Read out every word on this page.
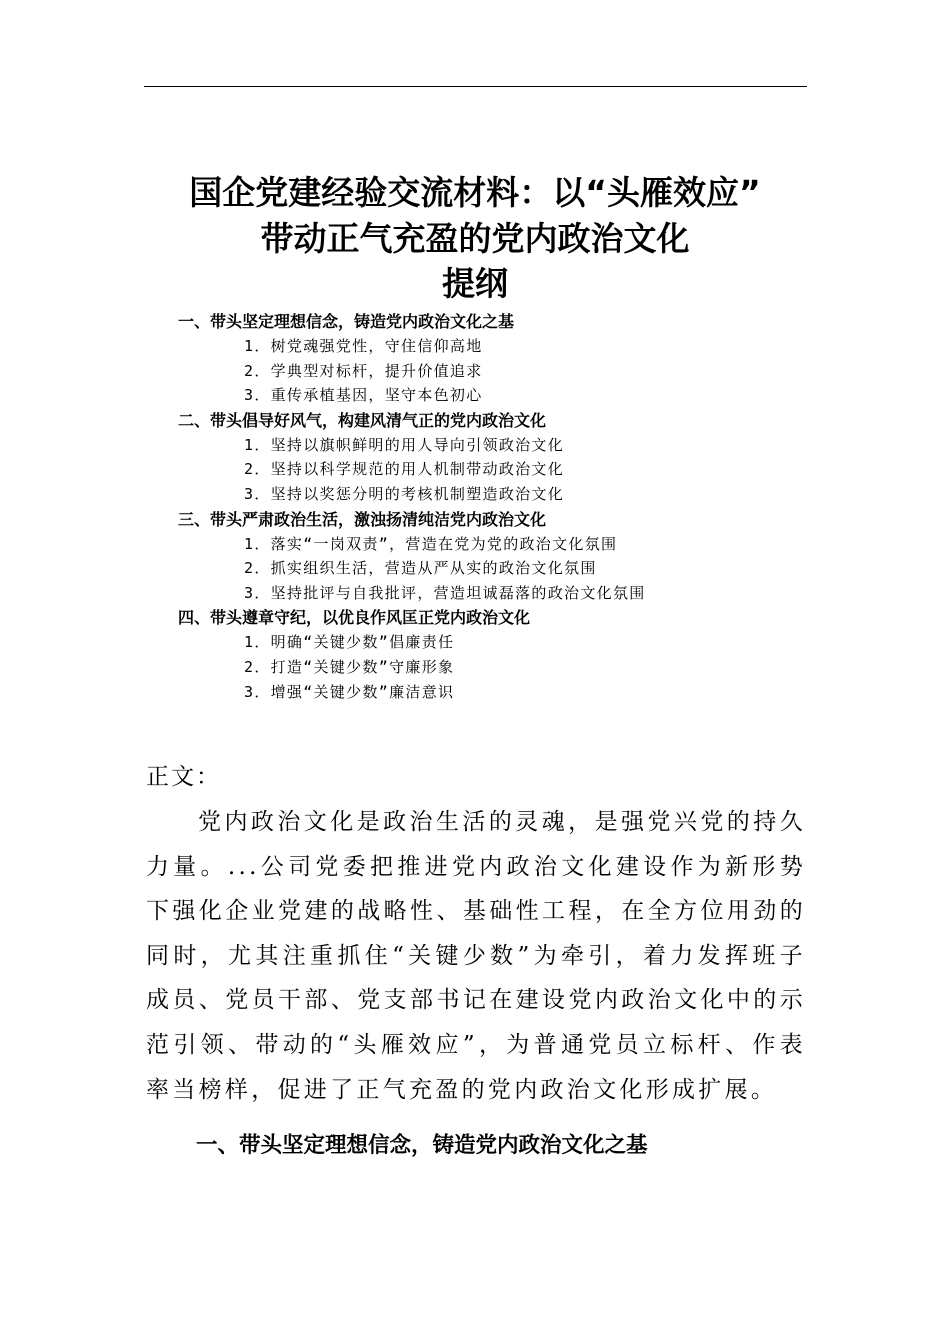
国企党建经验交流材料：以“头雁效应”
带动正气充盈的党内政治文化
提纲
一、带头坚定理想信念，铸造党内政治文化之基
1．树党魂强党性，守住信仰高地
2．学典型对标杆，提升价值追求
3．重传承植基因，坚守本色初心
二、带头倡导好风气，构建风清气正的党内政治文化
1．坚持以旗帜鲜明的用人导向引领政治文化
2．坚持以科学规范的用人机制带动政治文化
3．坚持以奖惩分明的考核机制塑造政治文化
三、带头严肃政治生活，激浊扬清纯洁党内政治文化
1．落实“一岗双责”，营造在党为党的政治文化氛围
2．抓实组织生活，营造从严从实的政治文化氛围
3．坚持批评与自我批评，营造坦诚磊落的政治文化氛围
四、带头遵章守纪，以优良作风匡正党内政治文化
1．明确“关键少数”倡廉责任
2．打造“关键少数”守廉形象
3．增强“关键少数”廉洁意识

正文：

党内政治文化是政治生活的灵魂，是强党兴党的持久力量。...公司党委把推进党内政治文化建设作为新形势下强化企业党建的战略性、基础性工程，在全方位用劲的同时，尤其注重抓住“关键少数”为牵引，着力发挥班子成员、党员干部、党支部书记在建设党内政治文化中的示范引领、带动的“头雁效应”，为普通党员立标杆、作表率当榜样，促进了正气充盈的党内政治文化形成扩展。

一、带头坚定理想信念，铸造党内政治文化之基
